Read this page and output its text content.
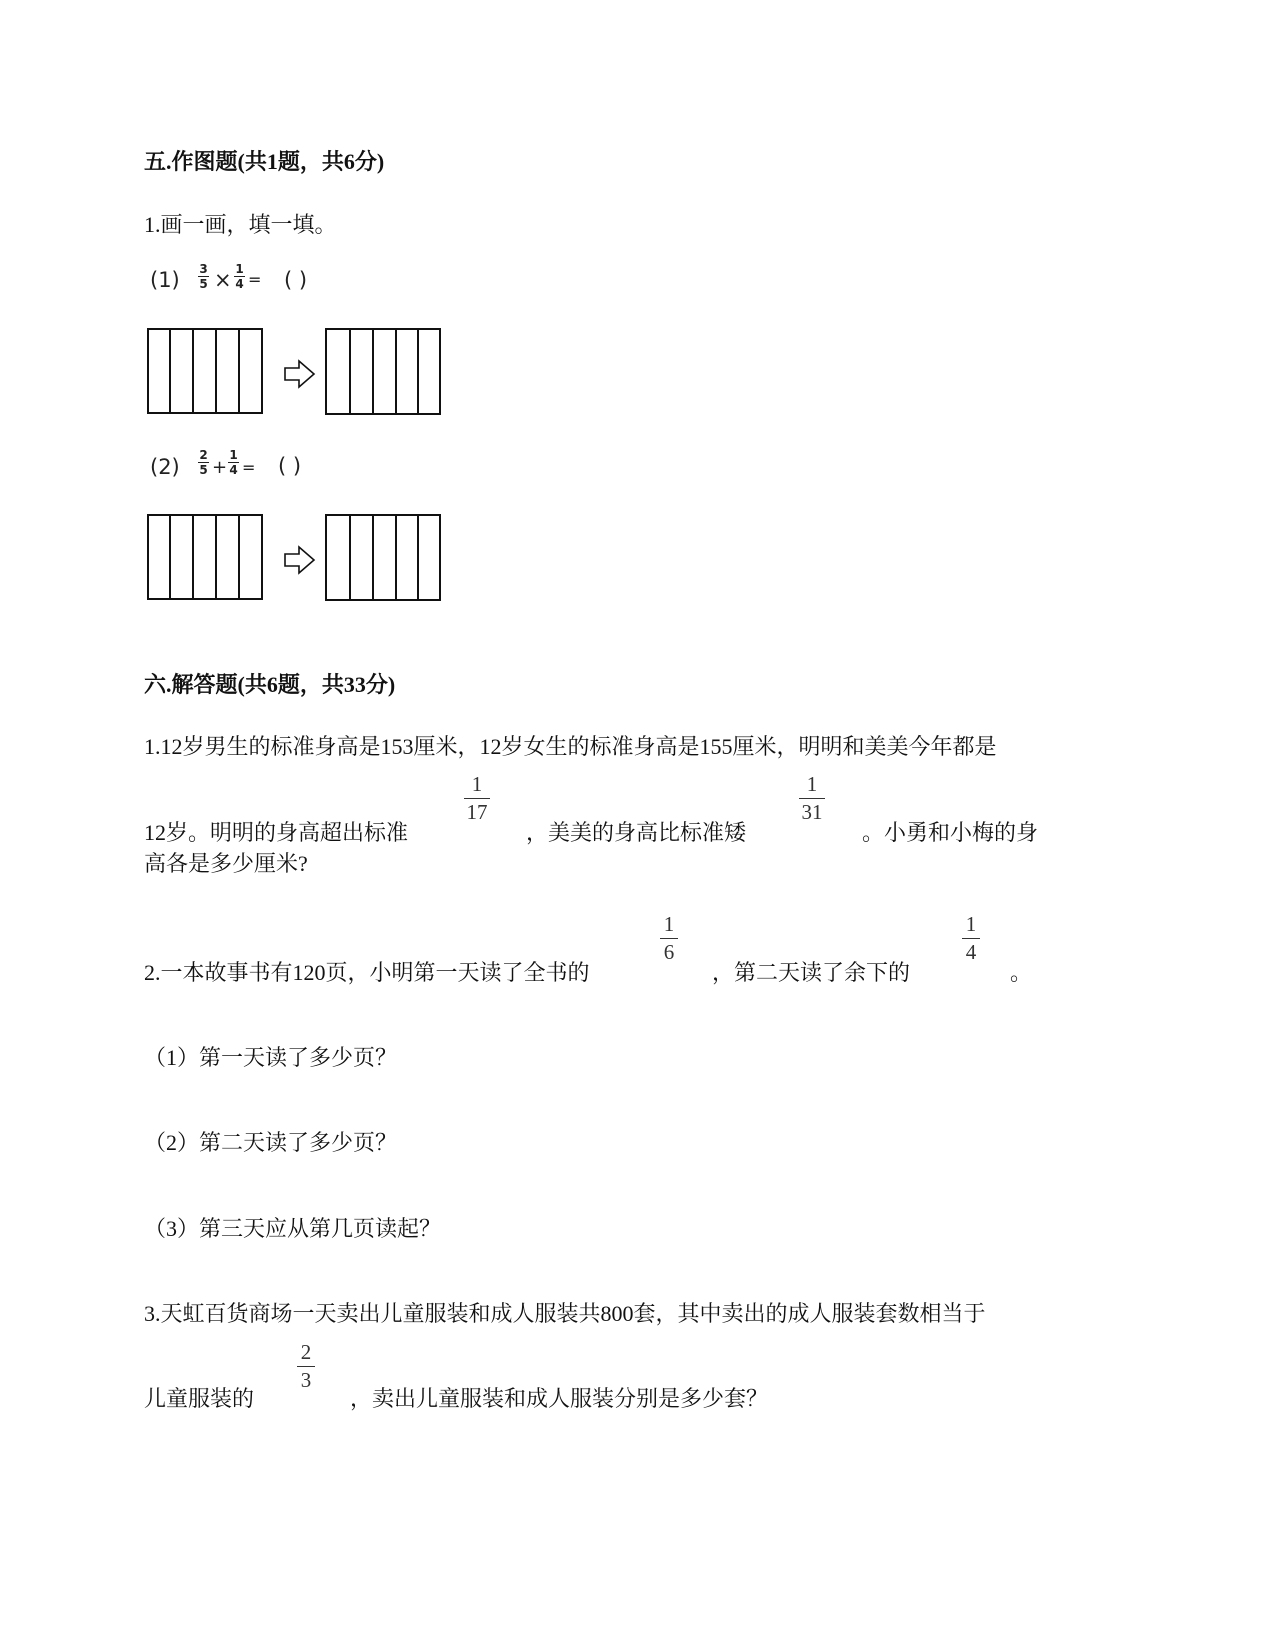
五.作图题(共1题，共6分)
1.画一画，填一填。
(1) 3
5 × 1
4 = ( )
(2) 2
5 +
1
4 = ( )
六.解答题(共6题，共33分)
1.12岁男生的标准身高是153厘米，12岁女生的标准身高是155厘米，明明和美美今年都是
12岁。明明的身高超出标准
1
17
，美美的身高比标准矮
1
31
。小勇和小梅的身
高各是多少厘米?
2.一本故事书有120页，小明第一天读了全书的
1
6
，第二天读了余下的
1
4
。
（1）第一天读了多少页？
（2）第二天读了多少页？
（3）第三天应从第几页读起？
3.天虹百货商场一天卖出儿童服装和成人服装共800套，其中卖出的成人服装套数相当于
儿童服装的
2
3
，卖出儿童服装和成人服装分别是多少套？
